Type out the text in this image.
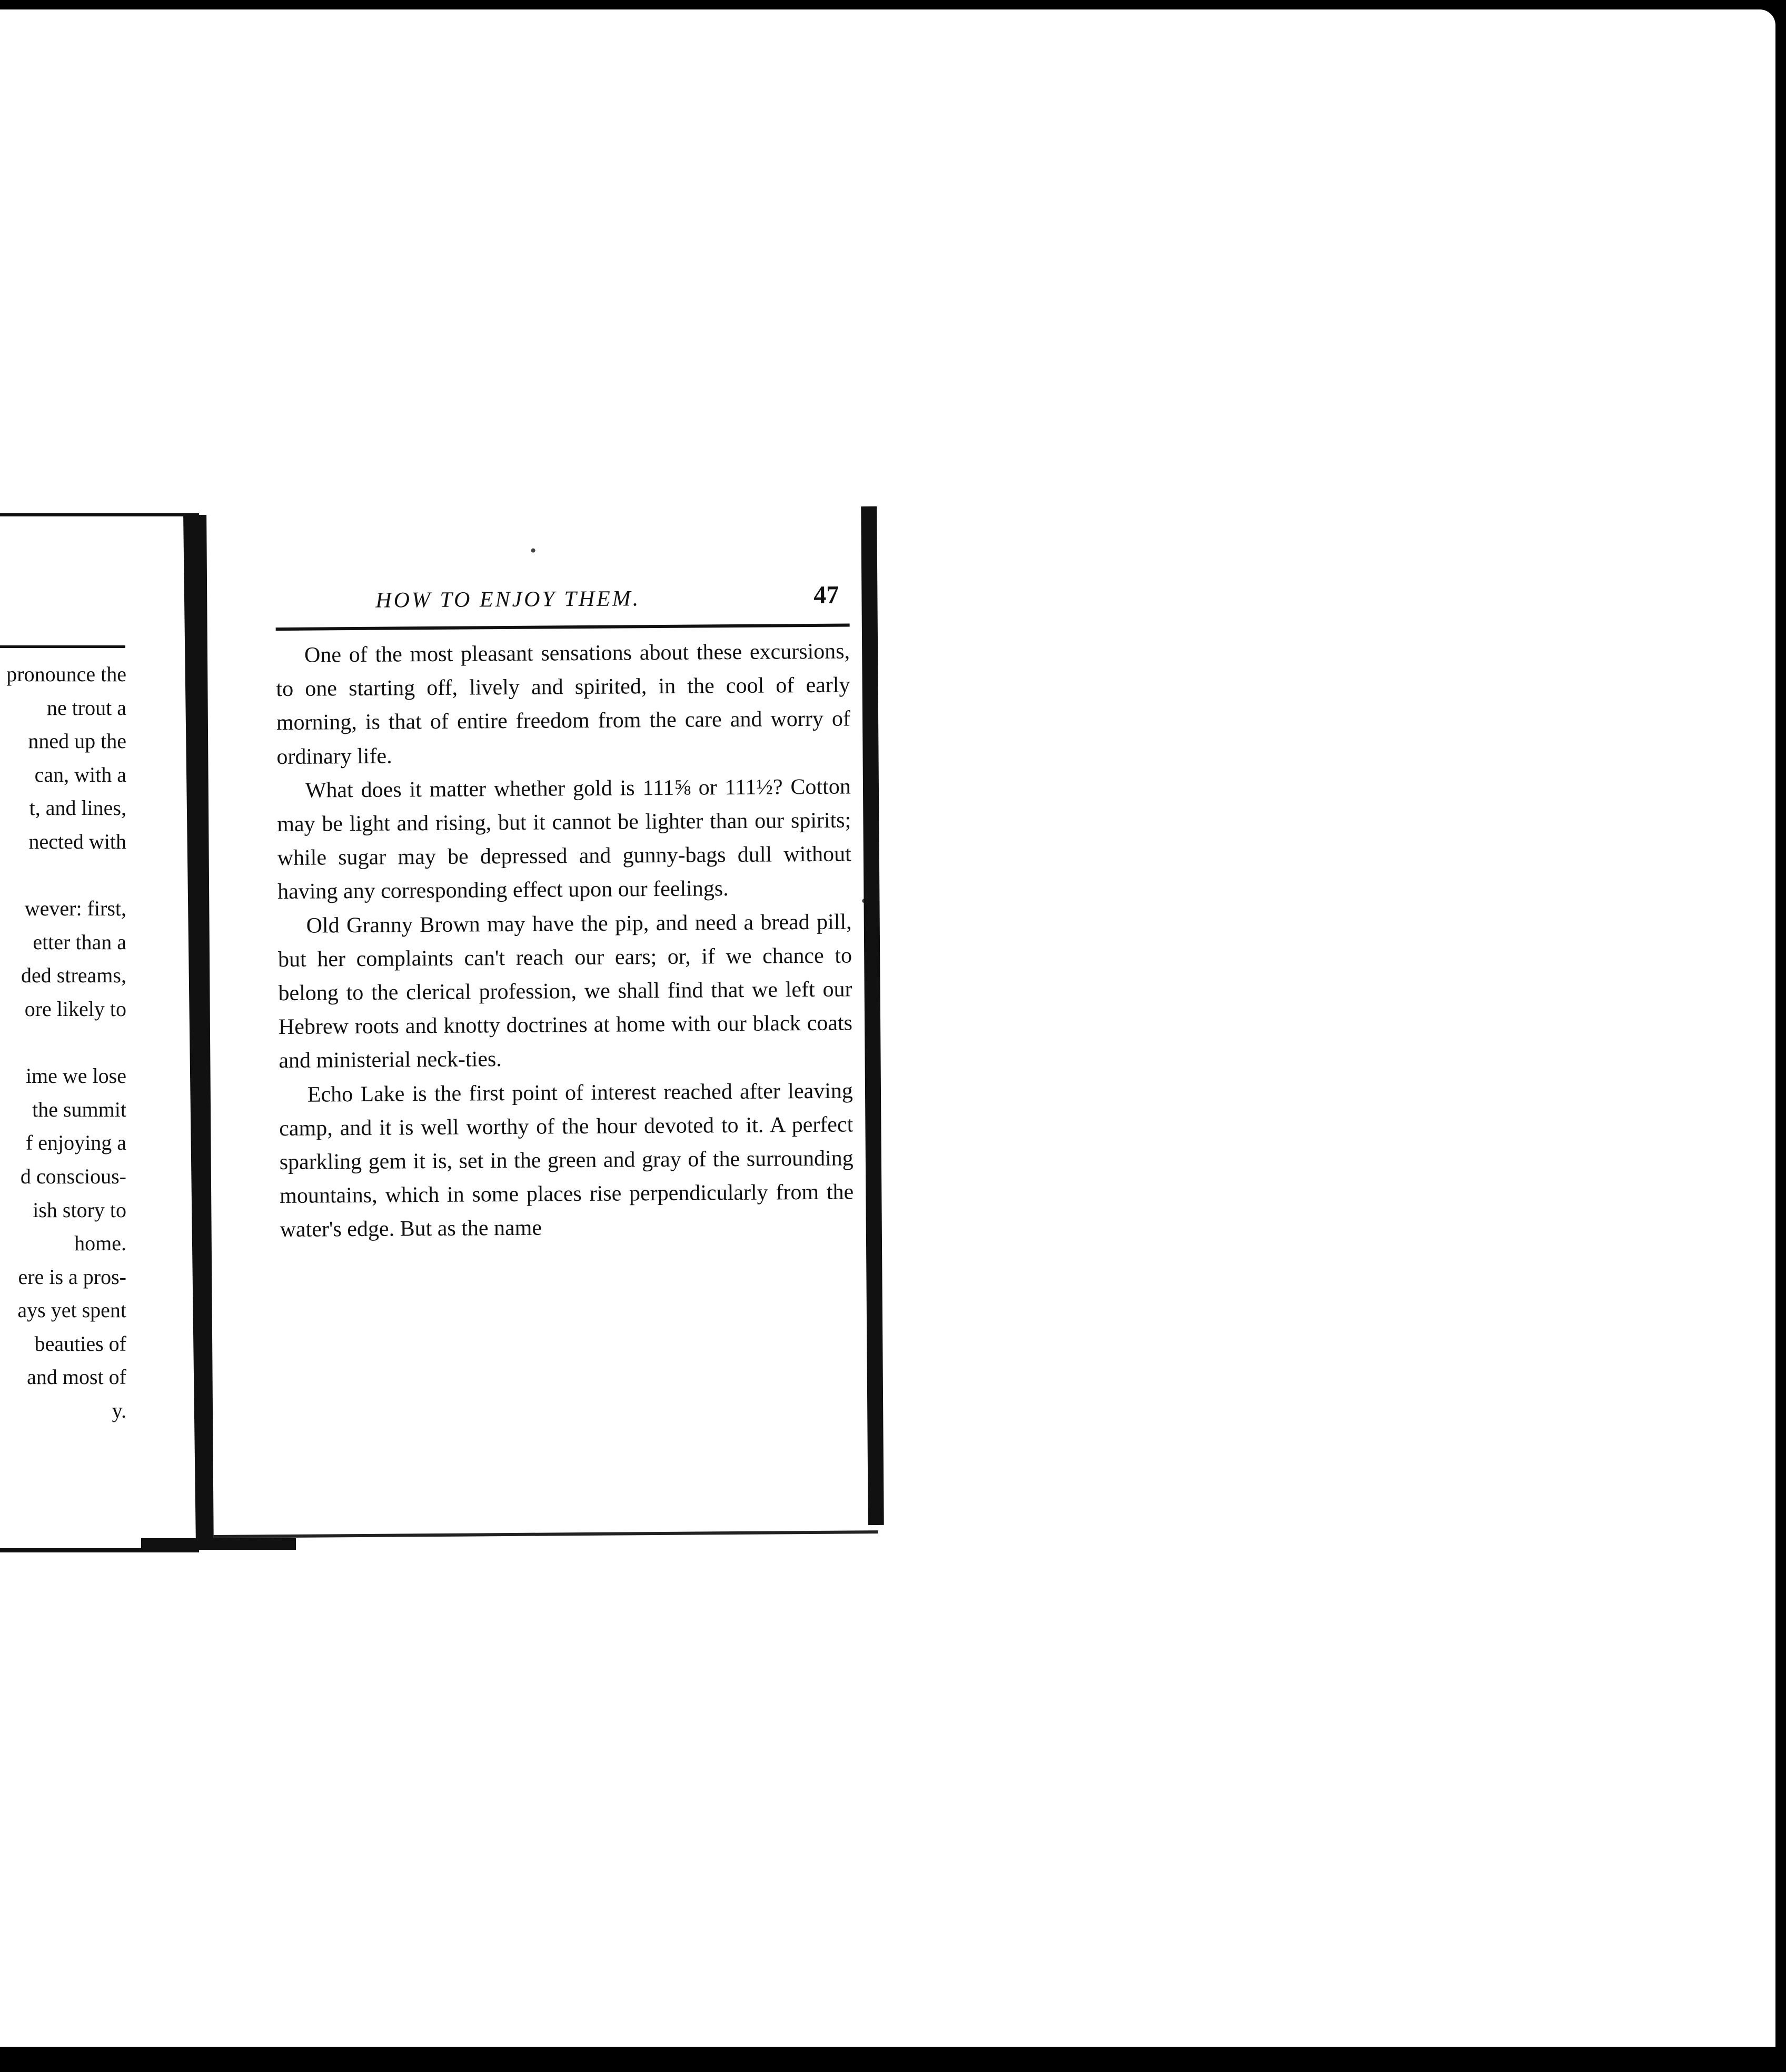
pronounce the
ne trout a
nned up the
can, with a
t, and lines,
nected with
wever: first,
etter than a
ded streams,
ore likely to
ime we lose
the summit
f enjoying a
d conscious-
ish story to
home.
ere is a pros-
ays yet spent
beauties of
and most of
y.
HOW TO ENJOY THEM.	47

One of the most pleasant sensations about these excursions, to one starting off, lively and spirited, in the cool of early morning, is that of entire freedom from the care and worry of ordinary life.

What does it matter whether gold is 111⅝ or 111½? Cotton may be light and rising, but it cannot be lighter than our spirits; while sugar may be depressed and gunny-bags dull without having any corresponding effect upon our feelings.

Old Granny Brown may have the pip, and need a bread pill, but her complaints can't reach our ears; or, if we chance to belong to the clerical profession, we shall find that we left our Hebrew roots and knotty doctrines at home with our black coats and ministerial neck-ties.

Echo Lake is the first point of interest reached after leaving camp, and it is well worthy of the hour devoted to it. A perfect sparkling gem it is, set in the green and gray of the surrounding mountains, which in some places rise perpendicularly from the water's edge. But as the name
